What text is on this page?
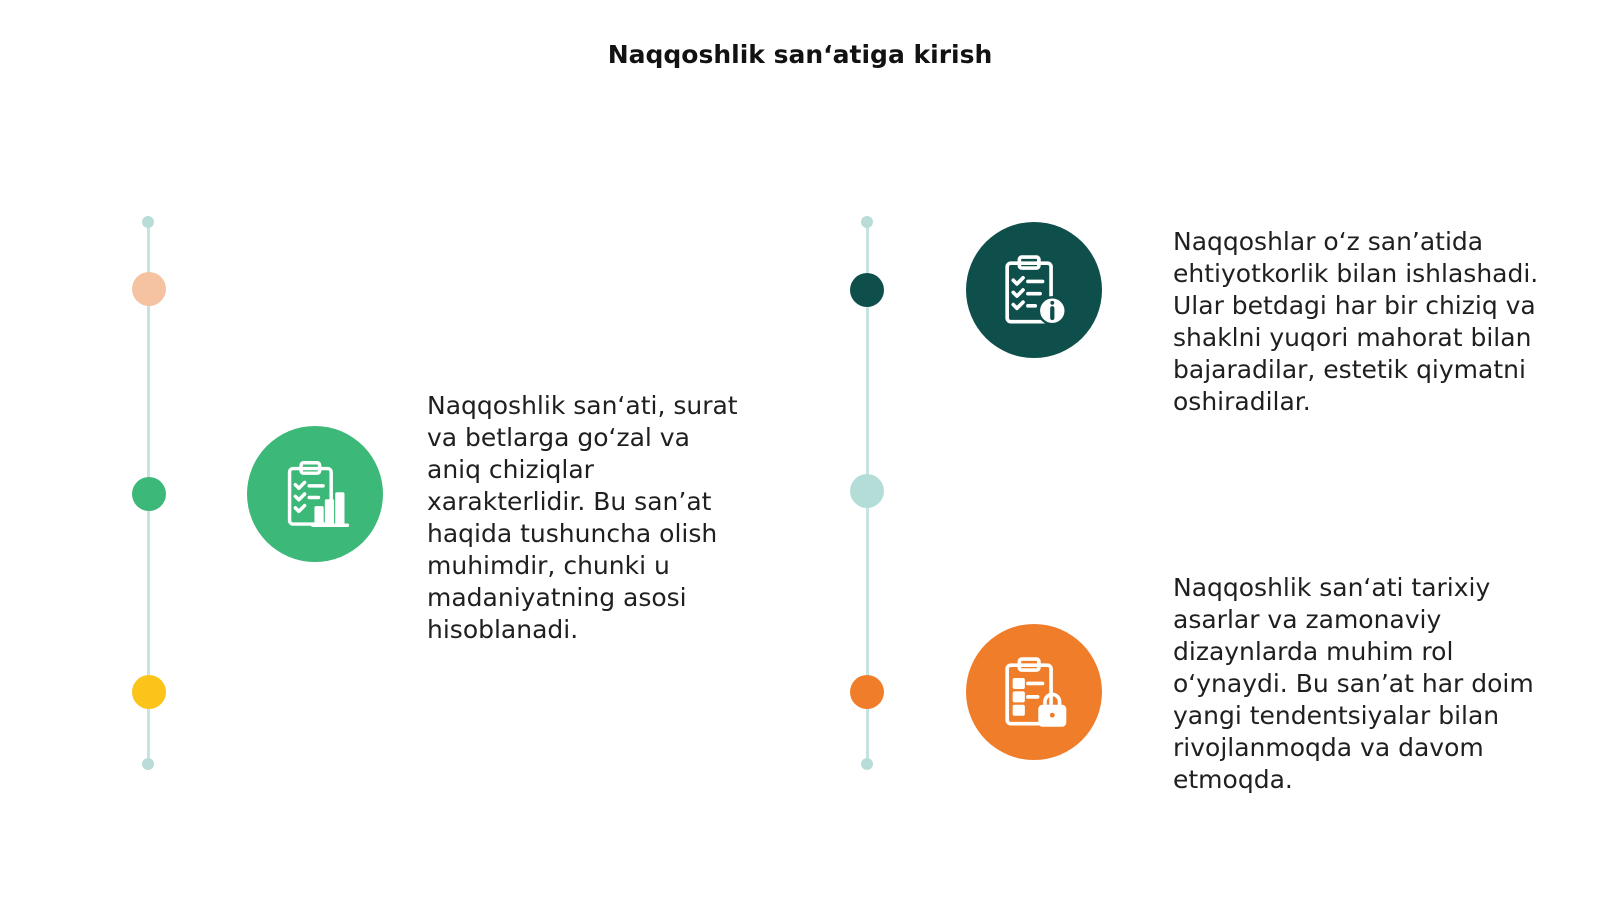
Naqqoshlik san‘atiga kirish
Naqqoshlik san‘ati, surat va betlarga go‘zal va aniq chiziqlar xarakterlidir. Bu san’at haqida tushuncha olish muhimdir, chunki u madaniyatning asosi hisoblanadi.
Naqqoshlar o‘z san’atida ehtiyotkorlik bilan ishlashadi. Ular betdagi har bir chiziq va shaklni yuqori mahorat bilan bajaradilar, estetik qiymatni oshiradilar.
Naqqoshlik san‘ati tarixiy asarlar va zamonaviy dizaynlarda muhim rol o‘ynaydi. Bu san’at har doim yangi tendentsiyalar bilan rivojlanmoqda va davom etmoqda.
